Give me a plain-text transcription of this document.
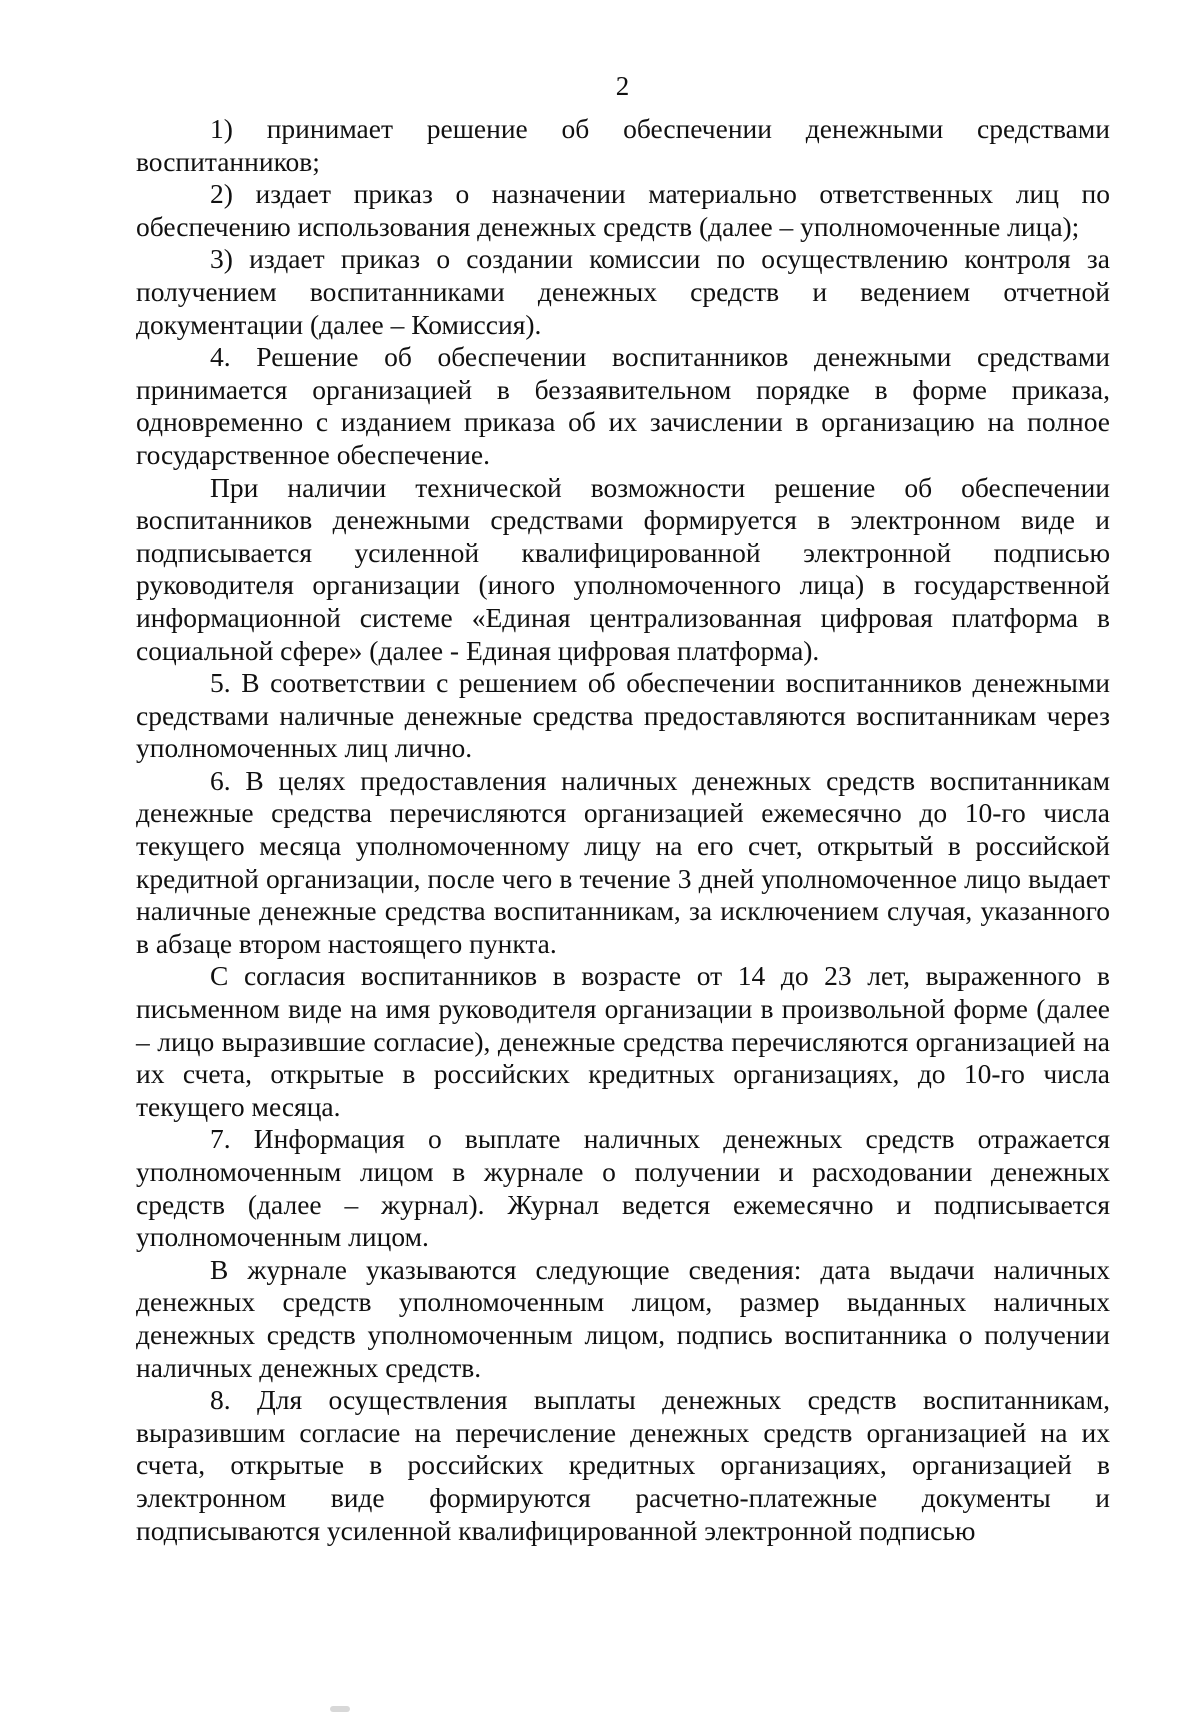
2

1) принимает решение об обеспечении денежными средствами воспитанников;

2) издает приказ о назначении материально ответственных лиц по обеспечению использования денежных средств (далее – уполномоченные лица);

3) издает приказ о создании комиссии по осуществлению контроля за получением воспитанниками денежных средств и ведением отчетной документации (далее – Комиссия).

4. Решение об обеспечении воспитанников денежными средствами принимается организацией в беззаявительном порядке в форме приказа, одновременно с изданием приказа об их зачислении в организацию на полное государственное обеспечение.

При наличии технической возможности решение об обеспечении воспитанников денежными средствами формируется в электронном виде и подписывается усиленной квалифицированной электронной подписью руководителя организации (иного уполномоченного лица) в государственной информационной системе «Единая централизованная цифровая платформа в социальной сфере» (далее - Единая цифровая платформа).

5. В соответствии с решением об обеспечении воспитанников денежными средствами наличные денежные средства предоставляются воспитанникам через уполномоченных лиц лично.

6. В целях предоставления наличных денежных средств воспитанникам денежные средства перечисляются организацией ежемесячно до 10-го числа текущего месяца уполномоченному лицу на его счет, открытый в российской кредитной организации, после чего в течение 3 дней уполномоченное лицо выдает наличные денежные средства воспитанникам, за исключением случая, указанного в абзаце втором настоящего пункта.

С согласия воспитанников в возрасте от 14 до 23 лет, выраженного в письменном виде на имя руководителя организации в произвольной форме (далее – лицо выразившие согласие), денежные средства перечисляются организацией на их счета, открытые в российских кредитных организациях, до 10-го числа текущего месяца.

7. Информация о выплате наличных денежных средств отражается уполномоченным лицом в журнале о получении и расходовании денежных средств (далее – журнал). Журнал ведется ежемесячно и подписывается уполномоченным лицом.

В журнале указываются следующие сведения: дата выдачи наличных денежных средств уполномоченным лицом, размер выданных наличных денежных средств уполномоченным лицом, подпись воспитанника о получении наличных денежных средств.

8. Для осуществления выплаты денежных средств воспитанникам, выразившим согласие на перечисление денежных средств организацией на их счета, открытые в российских кредитных организациях, организацией в электронном виде формируются расчетно-платежные документы и подписываются усиленной квалифицированной электронной подписью
